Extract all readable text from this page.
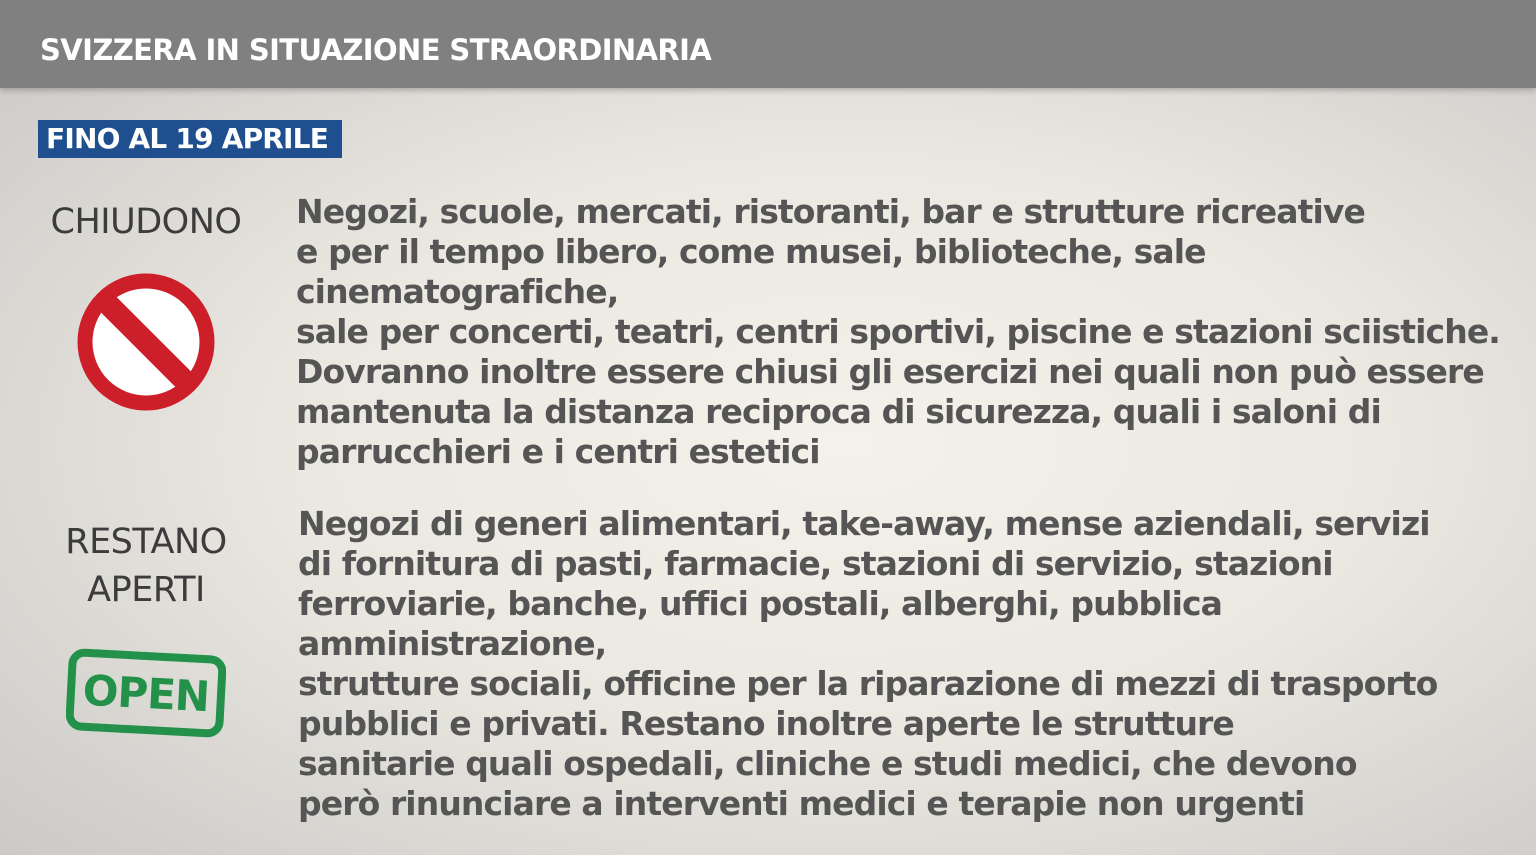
SVIZZERA IN SITUAZIONE STRAORDINARIA
FINO AL 19 APRILE
CHIUDONO Negozi, scuole, mercati, ristoranti, bar e strutture ricreative
e per il tempo libero, come musei, biblioteche, sale cinematografiche,
sale per concerti, teatri, centri sportivi, piscine e stazioni sciistiche.
Dovranno inoltre essere chiusi gli esercizi nei quali non può essere
mantenuta la distanza reciproca di sicurezza, quali i saloni di
parrucchieri e i centri estetici
RESTANO
APERTI
OPEN
Negozi di generi alimentari, take-away, mense aziendali, servizi
di fornitura di pasti, farmacie, stazioni di servizio, stazioni
ferroviarie, banche, uffici postali, alberghi, pubblica amministrazione,
strutture sociali, officine per la riparazione di mezzi di trasporto
pubblici e privati. Restano inoltre aperte le strutture
sanitarie quali ospedali, cliniche e studi medici, che devono
però rinunciare a interventi medici e terapie non urgenti
